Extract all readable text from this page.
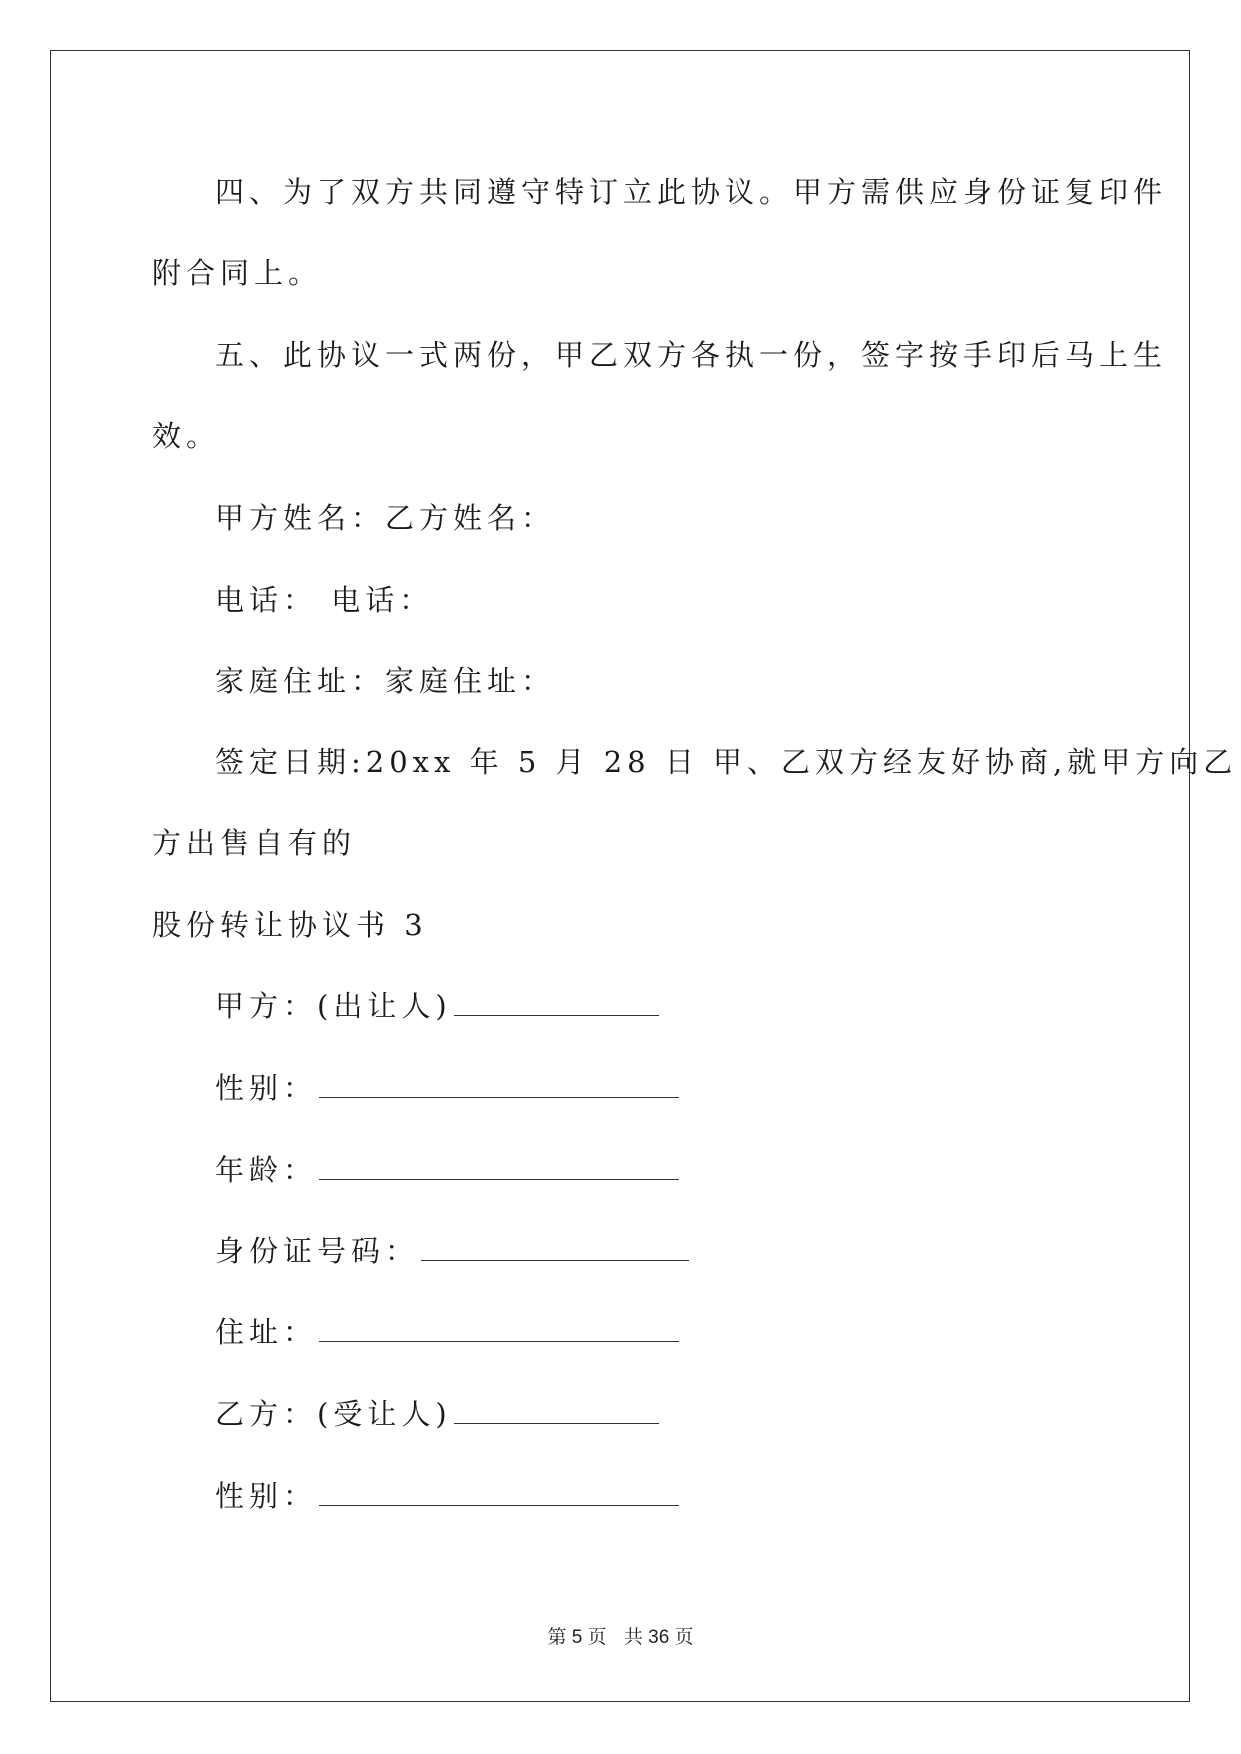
四、为了双方共同遵守特订立此协议。甲方需供应身份证复印件
附合同上。
五、此协议一式两份，甲乙双方各执一份，签字按手印后马上生
效。
甲方姓名：乙方姓名：
电话： 电话：
家庭住址：家庭住址：
签定日期:20xx 年 5 月 28 日 甲、乙双方经友好协商,就甲方向乙
方出售自有的
股份转让协议书 3
甲方：(出让人)
性别：
年龄：
身份证号码：
住址：
乙方：(受让人)
性别：
第 5 页 共 36 页
